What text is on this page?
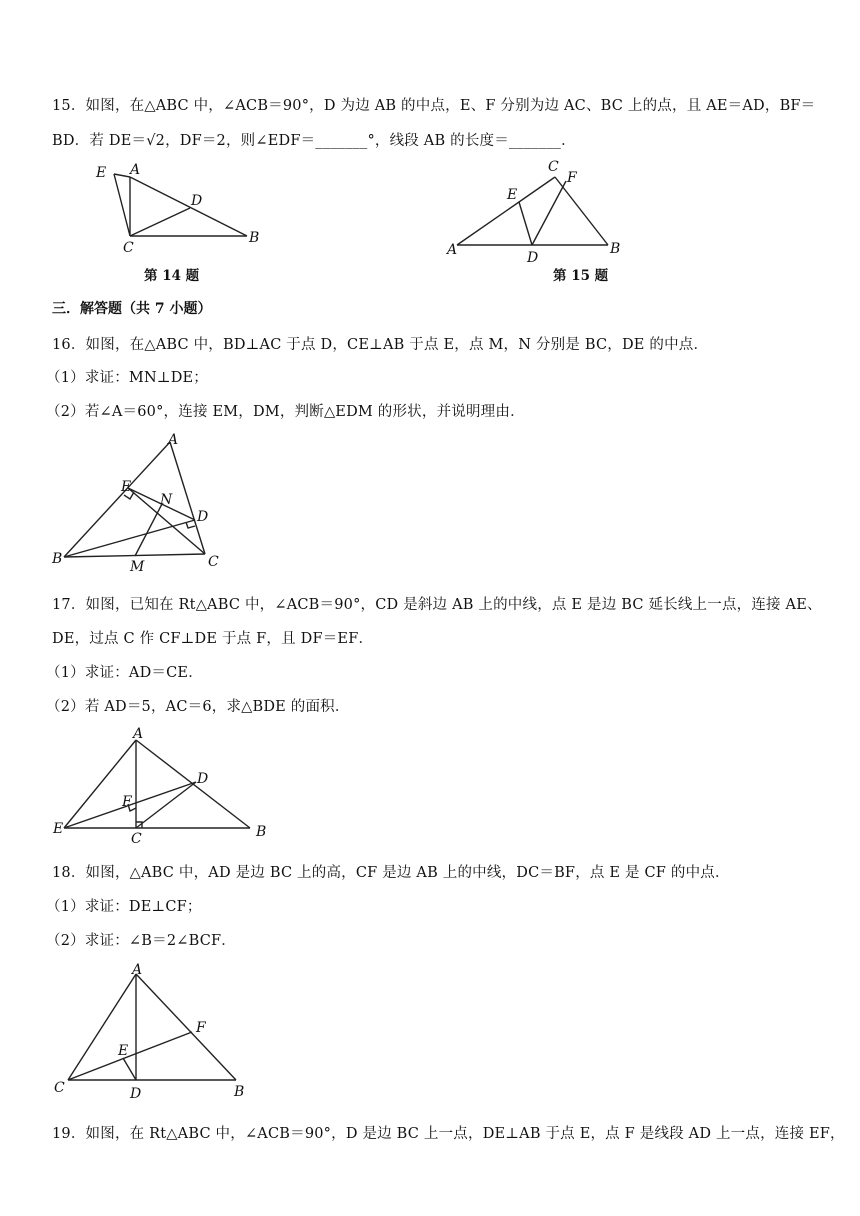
15．如图，在△ABC 中，∠ACB＝90°，D 为边 AB 的中点，E、F 分别为边 AC、BC 上的点，且 AE＝AD，BF＝
BD．若 DE＝√2，DF＝2，则∠EDF＝_______°，线段 AB 的长度＝_______．
E A
D
C
B
第 14 题
C
F
E
A	D
B
第 15 题
三．解答题（共 7 小题）
16．如图，在△ABC 中，BD⊥AC 于点 D，CE⊥AB 于点 E，点 M，N 分别是 BC，DE 的中点．
（1）求证：MN⊥DE；
（2）若∠A＝60°，连接 EM，DM，判断△EDM 的形状，并说明理由．
A
E
N
D
B	M	C
17．如图，已知在 Rt△ABC 中，∠ACB＝90°，CD 是斜边 AB 上的中线，点 E 是边 BC 延长线上一点，连接 AE、
DE，过点 C 作 CF⊥DE 于点 F，且 DF＝EF．
（1）求证：AD＝CE．
（2）若 AD＝5，AC＝6，求△BDE 的面积．
A
D
F
E
C	B
18．如图，△ABC 中，AD 是边 BC 上的高，CF 是边 AB 上的中线，DC＝BF，点 E 是 CF 的中点．
（1）求证：DE⊥CF；
（2）求证：∠B＝2∠BCF．
A
F
E
C	D	B
19．如图，在 Rt△ABC 中，∠ACB＝90°，D 是边 BC 上一点，DE⊥AB 于点 E，点 F 是线段 AD 上一点，连接 EF，
